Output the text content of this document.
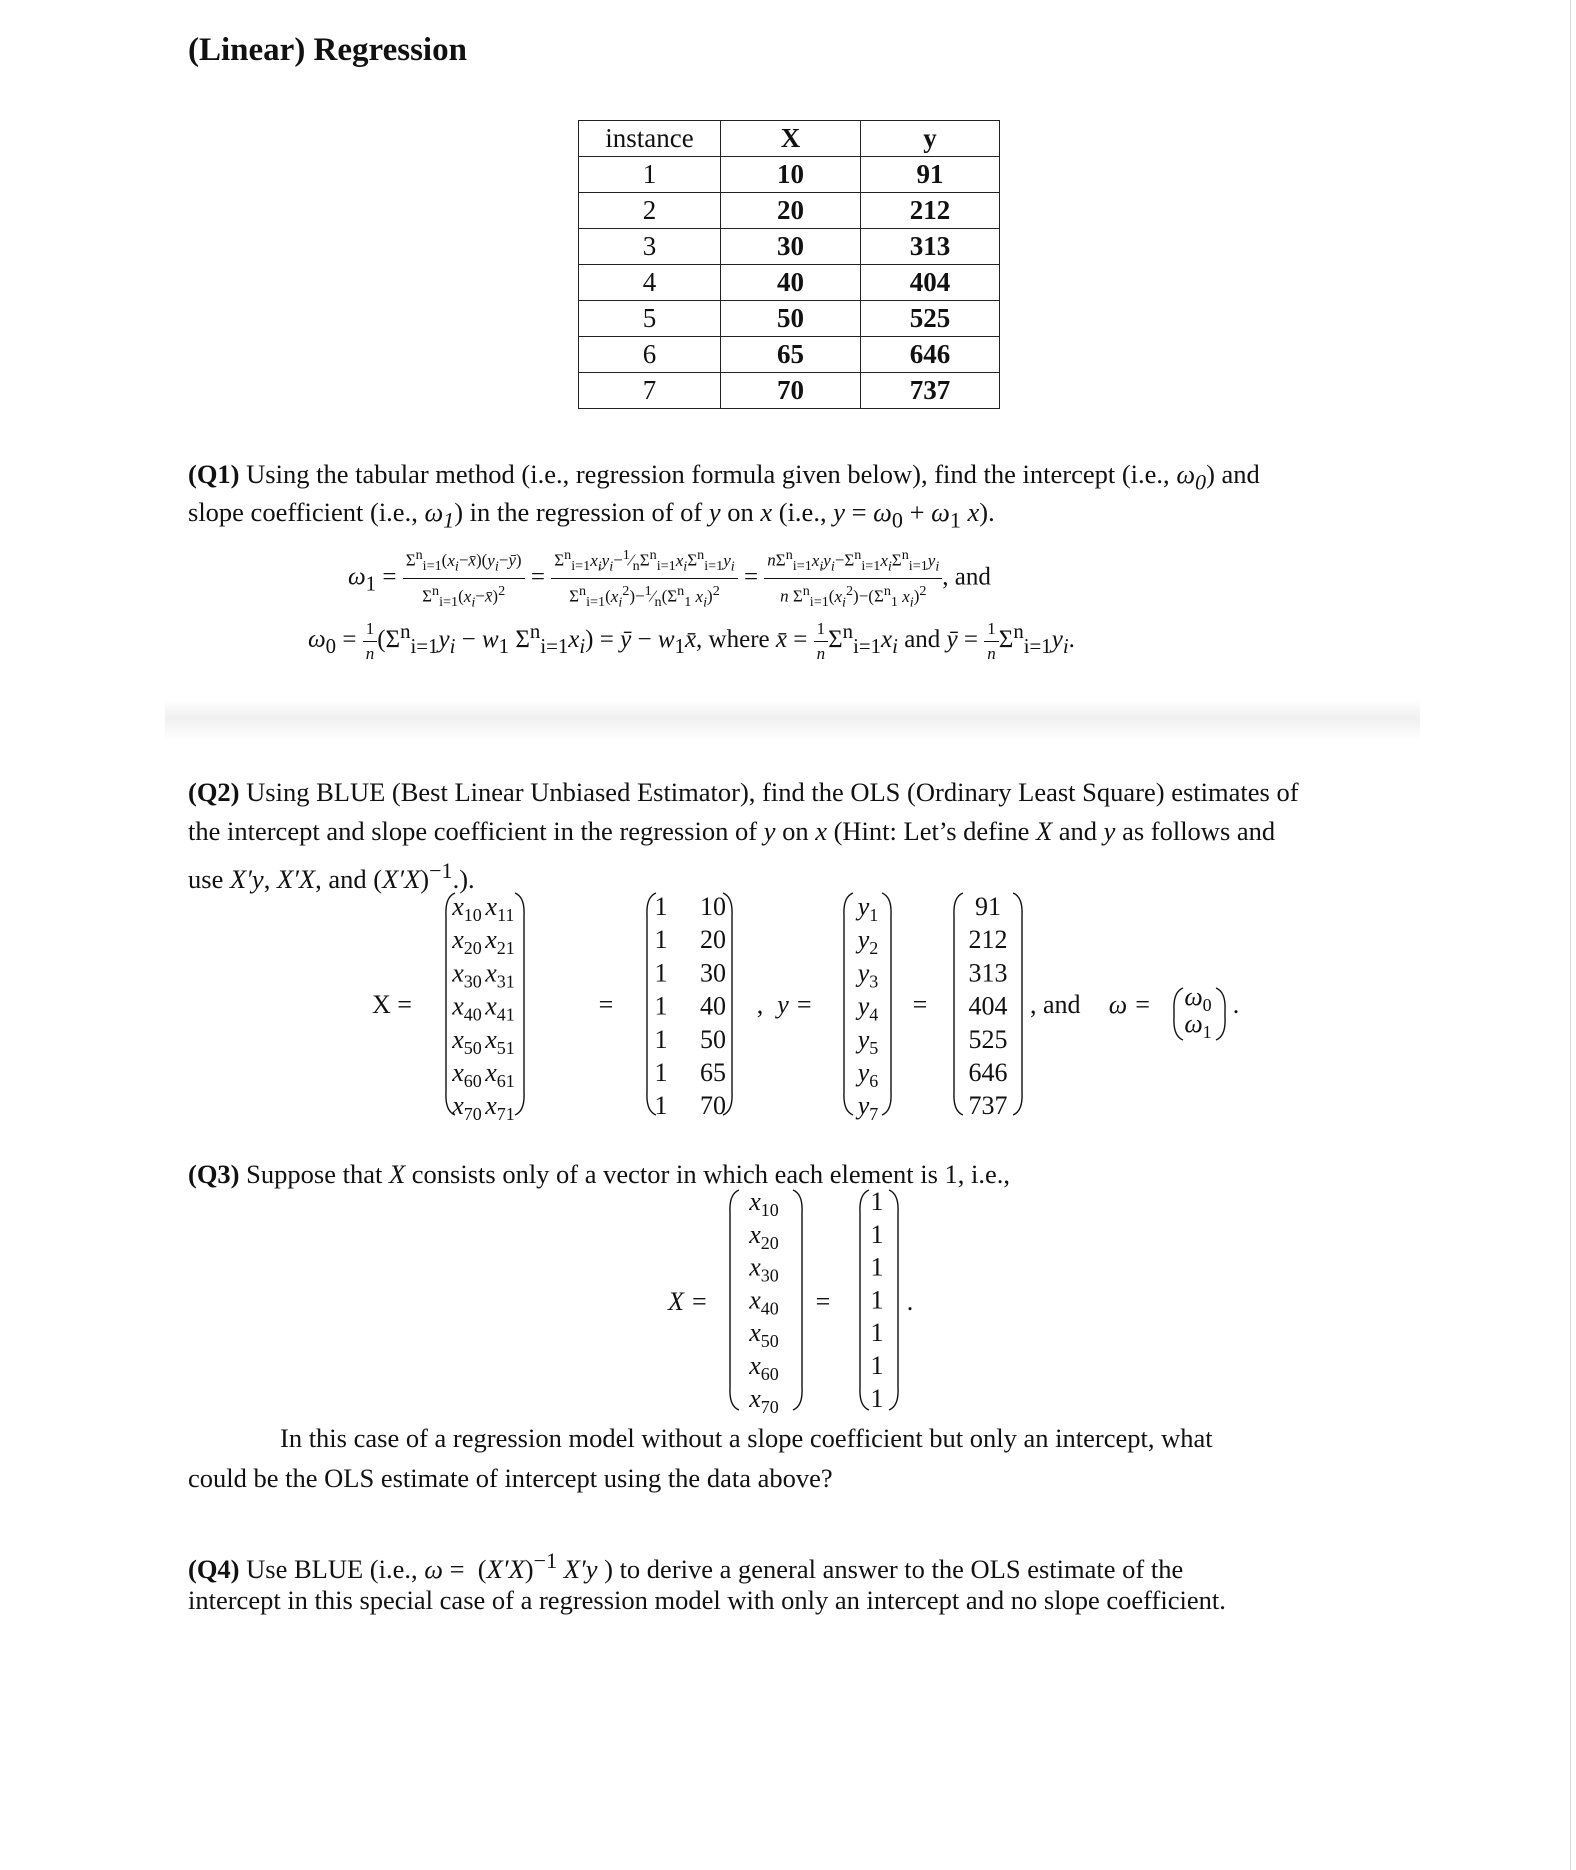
(Linear) Regression
instance	X	y
1	10	91
2	20	212
3	30	313
4	40	404
5	50	525
6	65	646
7	70	737
(Q1) Using the tabular method (i.e., regression formula given below), find the intercept (i.e., $\omega_0$) and
slope coefficient (i.e., $\omega_1$) in the regression of of y on x (i.e., $y = \omega_0 + \omega_1$ x).
$\omega_1 = \frac{\Sigma^n_{i=1}(x_i-x̄)(y_i-ȳ)}{\Sigma^n_{i=1}(x_i-x̄)^2} = \frac{\Sigma^n_{i=1}x_iy_i-^1⁄_n\Sigma^n_{i=1}x_i\Sigma^n_{i=1}y_i}{\Sigma^n_{i=1}(x_i^2)-^1⁄_n(\Sigma^n_1 x_i)^2} = \frac{n\Sigma^n_{i=1}x_iy_i-\Sigma^n_{i=1}x_i\Sigma^n_{i=1}y_i}{n \Sigma^n_{i=1}(x_i^2)-(\Sigma^n_1 x_i)^2}$ , and
$\omega_0 = \frac{1}{n} (\Sigma^n_{i=1}y_i - w_1$ $\Sigma^n_{i=1}x_i$) = ȳ − $w_1x̄$, where x̄ = $\frac{1}{n} \Sigma^n_{i=1}x_i$ and ȳ = $\frac{1}{n} \Sigma^n_{i=1}y_i$.
(Q2) Using BLUE (Best Linear Unbiased Estimator), find the OLS (Ordinary Least Square) estimates of
the intercept and slope coefficient in the regression of y on x (Hint: Let’s define X and y as follows and
use X′y, X′X, and $(X'X)^{-1}$.).
X =
$x_{10}$ $x_{11}$
$x_{20}$ $x_{21}$
$x_{30}$ $x_{31}$
$x_{40}$ $x_{41}$
$x_{50}$ $x_{51}$
$x_{60}$ $x_{61}$
$x_{70}$ $x_{71}$
=
1 10
1 20
1 30
1 40
1 50
1 65
1 70
, y =
$y_1$
$y_2$
$y_3$
$y_4$
$y_5$
$y_6$
$y_7$
=
91
212
313
404
525
646
737
, and $\omega = \omega_0$
$\omega_1$
.
X =
$x_{10}$
$x_{20}$
$x_{30}$
$x_{40}$
$x_{50}$
$x_{60}$
$x_{70}$
=
1
1
1
1
1
1
1
.
(Q3) Suppose that X consists only of a vector in which each element is 1, i.e.,
In this case of a regression model without a slope coefficient but only an intercept, what
could be the OLS estimate of intercept using the data above?
(Q4) Use BLUE (i.e., $\omega = (X'X)^{-1}$ X′y ) to derive a general answer to the OLS estimate of the
intercept in this special case of a regression model with only an intercept and no slope coefficient.
